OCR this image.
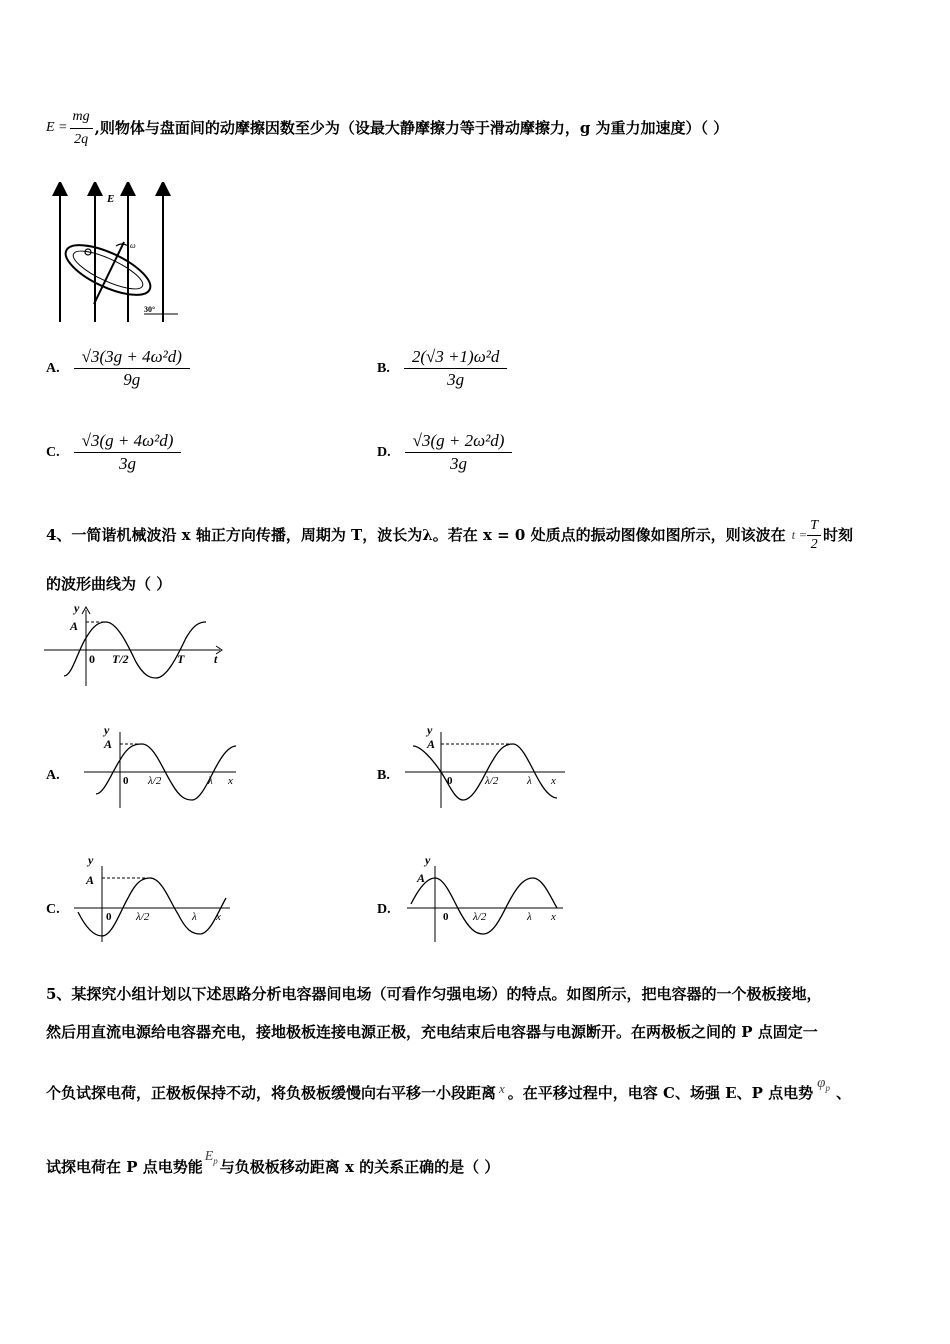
$E = \frac{mg}{2q}$ ,则物体与盘面间的动摩擦因数至少为（设最大静摩擦力等于滑动摩擦力，g 为重力加速度）（ ）
E
ω
30°
A. $\frac{\text{√3(3g + 4ω²d)}}{9g}$	B. $\frac{\text{2(√3 +1)ω²d}}{3g}$
C. $\frac{\text{√3(g + 4ω²d)}}{3g}$	D. $\frac{\text{√3(g + 2ω²d)}}{3g}$
4、一简谐机械波沿 x 轴正方向传播，周期为 T，波长为λ。若在 x = 0 处质点的振动图像如图所示，则该波在 $t = \frac{T}{2}$ 时刻
的波形曲线为（ ）
y
A
0 T/2	T t
A.
y
A
0 λ/2	λ x	B.
y
A
0	λ/2	λ x
C.
y
A
0 λ/2	λ x	D.
y
A
0 λ/2	λ x
5、某探究小组计划以下述思路分析电容器间电场（可看作匀强电场）的特点。如图所示，把电容器的一个极板接地，
然后用直流电源给电容器充电，接地极板连接电源正极，充电结束后电容器与电源断开。在两极板之间的 P 点固定一
个负试探电荷，正极板保持不动，将负极板缓慢向右平移一小段距离 x 。在平移过程中，电容 C、场强 E、P 点电势
$\varphi_p$ 、
试探电荷在 P 点电势能
$E_p$ 与负极板移动距离 x 的关系正确的是（ ）
